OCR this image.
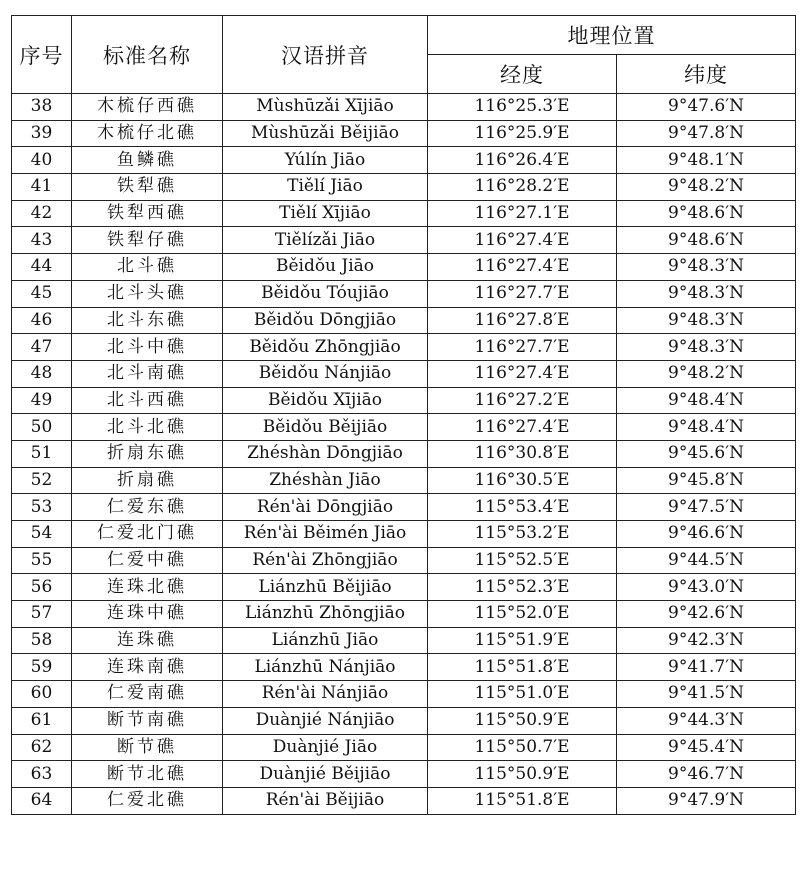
序号	标准名称	汉语拼音	地理位置	
			经度	纬度
38	木梳仔西礁	Mùshūzǎi Xījiāo	116°25.3′E	9°47.6′N
39	木梳仔北礁	Mùshūzǎi Běijiāo	116°25.9′E	9°47.8′N
40	鱼鳞礁	Yúlín Jiāo	116°26.4′E	9°48.1′N
41	铁犁礁	Tiělí Jiāo	116°28.2′E	9°48.2′N
42	铁犁西礁	Tiělí Xījiāo	116°27.1′E	9°48.6′N
43	铁犁仔礁	Tiělízǎi Jiāo	116°27.4′E	9°48.6′N
44	北斗礁	Běidǒu Jiāo	116°27.4′E	9°48.3′N
45	北斗头礁	Běidǒu Tóujiāo	116°27.7′E	9°48.3′N
46	北斗东礁	Běidǒu Dōngjiāo	116°27.8′E	9°48.3′N
47	北斗中礁	Běidǒu Zhōngjiāo	116°27.7′E	9°48.3′N
48	北斗南礁	Běidǒu Nánjiāo	116°27.4′E	9°48.2′N
49	北斗西礁	Běidǒu Xījiāo	116°27.2′E	9°48.4′N
50	北斗北礁	Běidǒu Běijiāo	116°27.4′E	9°48.4′N
51	折扇东礁	Zhéshàn Dōngjiāo	116°30.8′E	9°45.6′N
52	折扇礁	Zhéshàn Jiāo	116°30.5′E	9°45.8′N
53	仁爱东礁	Rén'ài Dōngjiāo	115°53.4′E	9°47.5′N
54	仁爱北门礁	Rén'ài Běimén Jiāo	115°53.2′E	9°46.6′N
55	仁爱中礁	Rén'ài Zhōngjiāo	115°52.5′E	9°44.5′N
56	连珠北礁	Liánzhū Běijiāo	115°52.3′E	9°43.0′N
57	连珠中礁	Liánzhū Zhōngjiāo	115°52.0′E	9°42.6′N
58	连珠礁	Liánzhū Jiāo	115°51.9′E	9°42.3′N
59	连珠南礁	Liánzhū Nánjiāo	115°51.8′E	9°41.7′N
60	仁爱南礁	Rén'ài Nánjiāo	115°51.0′E	9°41.5′N
61	断节南礁	Duànjié Nánjiāo	115°50.9′E	9°44.3′N
62	断节礁	Duànjié Jiāo	115°50.7′E	9°45.4′N
63	断节北礁	Duànjié Běijiāo	115°50.9′E	9°46.7′N
64	仁爱北礁	Rén'ài Běijiāo	115°51.8′E	9°47.9′N
